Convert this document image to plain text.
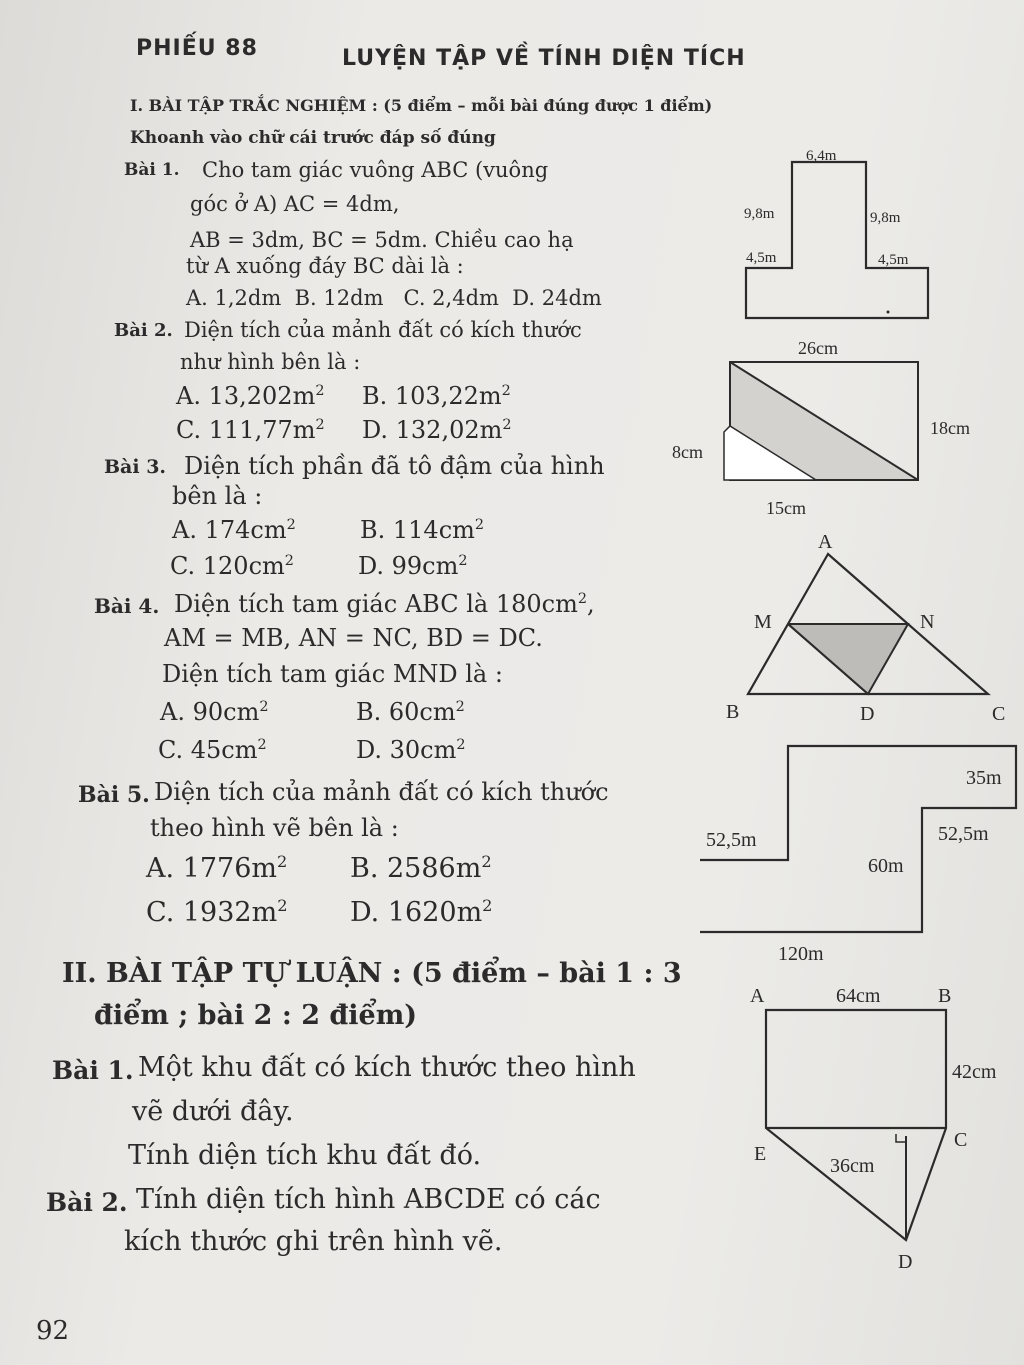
PHIẾU 88	LUYỆN TẬP VỀ TÍNH DIỆN TÍCH
I. BÀI TẬP TRẮC NGHIỆM : (5 điểm – mỗi bài đúng được 1 điểm)
Khoanh vào chữ cái trước đáp số đúng
Bài 1. Cho tam giác vuông ABC (vuông
góc ở A) AC = 4dm,
AB = 3dm, BC = 5dm. Chiều cao hạ
từ A xuống đáy BC dài là :
A. 1,2dm  B. 12dm   C. 2,4dm  D. 24dm
Bài 2. Diện tích của mảnh đất có kích thước
như hình bên là :
A. $13,202m^2$ B. $103,22m^2$
C. $111,77m^2$ D. $132,02m^2$
Bài 3. Diện tích phần đã tô đậm của hình
bên là :
A. $174cm^2$	B. $114cm^2$
C. $120cm^2$	D. $99cm^2$
Bài 4. Diện tích tam giác ABC là $180cm^2$,
AM = MB, AN = NC, BD = DC.
Diện tích tam giác MND là :
A. $90cm^2$	B. $60cm^2$
C. $45cm^2$	D. $30cm^2$
Bài 5. Diện tích của mảnh đất có kích thước
theo hình vẽ bên là :
A. $1776m^2$ B. $2586m^2$
C. $1932m^2$ D. $1620m^2$
II. BÀI TẬP TỰ LUẬN : (5 điểm – bài 1 : 3
điểm ; bài 2 : 2 điểm)
Bài 1. Một khu đất có kích thước theo hình
vẽ dưới đây.
Tính diện tích khu đất đó.
Bài 2. Tính diện tích hình ABCDE có các
kích thước ghi trên hình vẽ.
92
6,4m
9,8m	9,8m
4,5m	4,5m
26cm
18cm
8cm
15cm
A
M	N
B	D	C
35m
52,5m	52,5m
60m
120m
A	64cm	B
42cm
E
C
36cm
D
